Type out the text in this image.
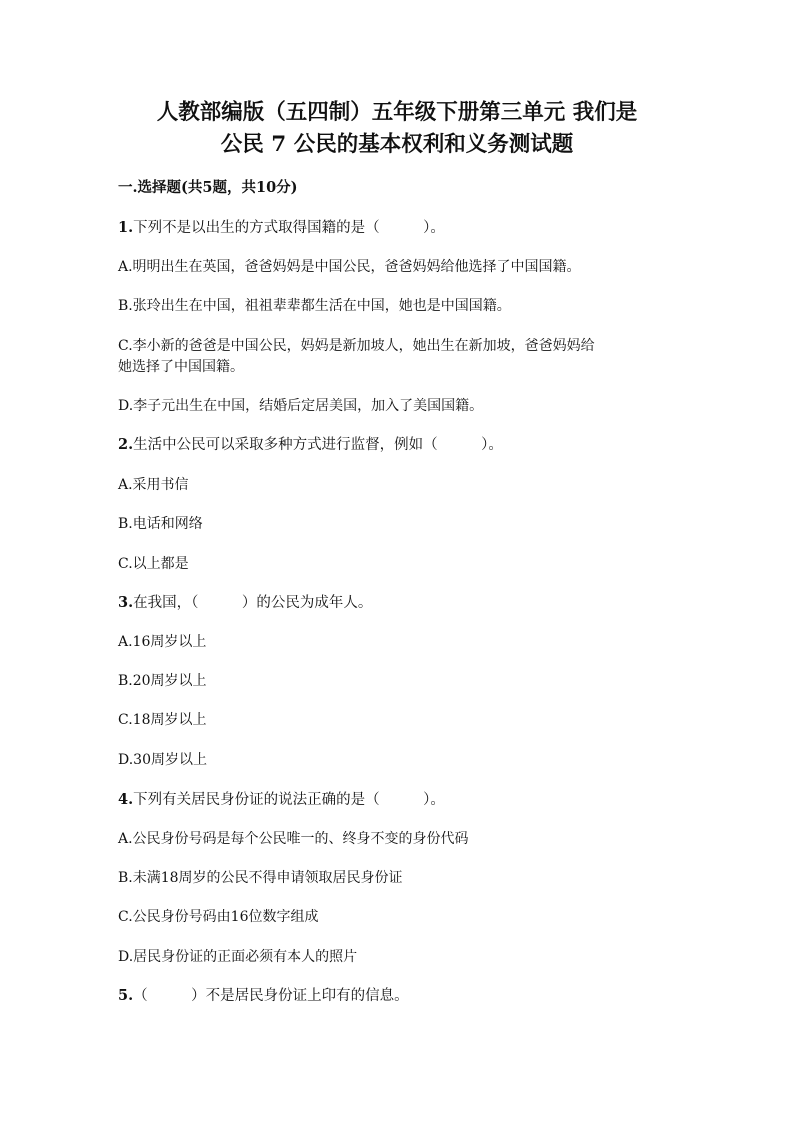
人教部编版（五四制）五年级下册第三单元 我们是
公民 7 公民的基本权利和义务测试题
一.选择题(共5题，共10分)
1.下列不是以出生的方式取得国籍的是（　　　）。
A.明明出生在英国，爸爸妈妈是中国公民，爸爸妈妈给他选择了中国国籍。
B.张玲出生在中国，祖祖辈辈都生活在中国，她也是中国国籍。
C.李小新的爸爸是中国公民，妈妈是新加坡人，她出生在新加坡，爸爸妈妈给
她选择了中国国籍。
D.李子元出生在中国，结婚后定居美国，加入了美国国籍。
2.生活中公民可以采取多种方式进行监督，例如（　　　）。
A.采用书信
B.电话和网络
C.以上都是
3.在我国，（　　　）的公民为成年人。
A.16周岁以上
B.20周岁以上
C.18周岁以上
D.30周岁以上
4.下列有关居民身份证的说法正确的是（　　　）。
A.公民身份号码是每个公民唯一的、终身不变的身份代码
B.未满18周岁的公民不得申请领取居民身份证
C.公民身份号码由16位数字组成
D.居民身份证的正面必须有本人的照片
5.（　　　）不是居民身份证上印有的信息。
